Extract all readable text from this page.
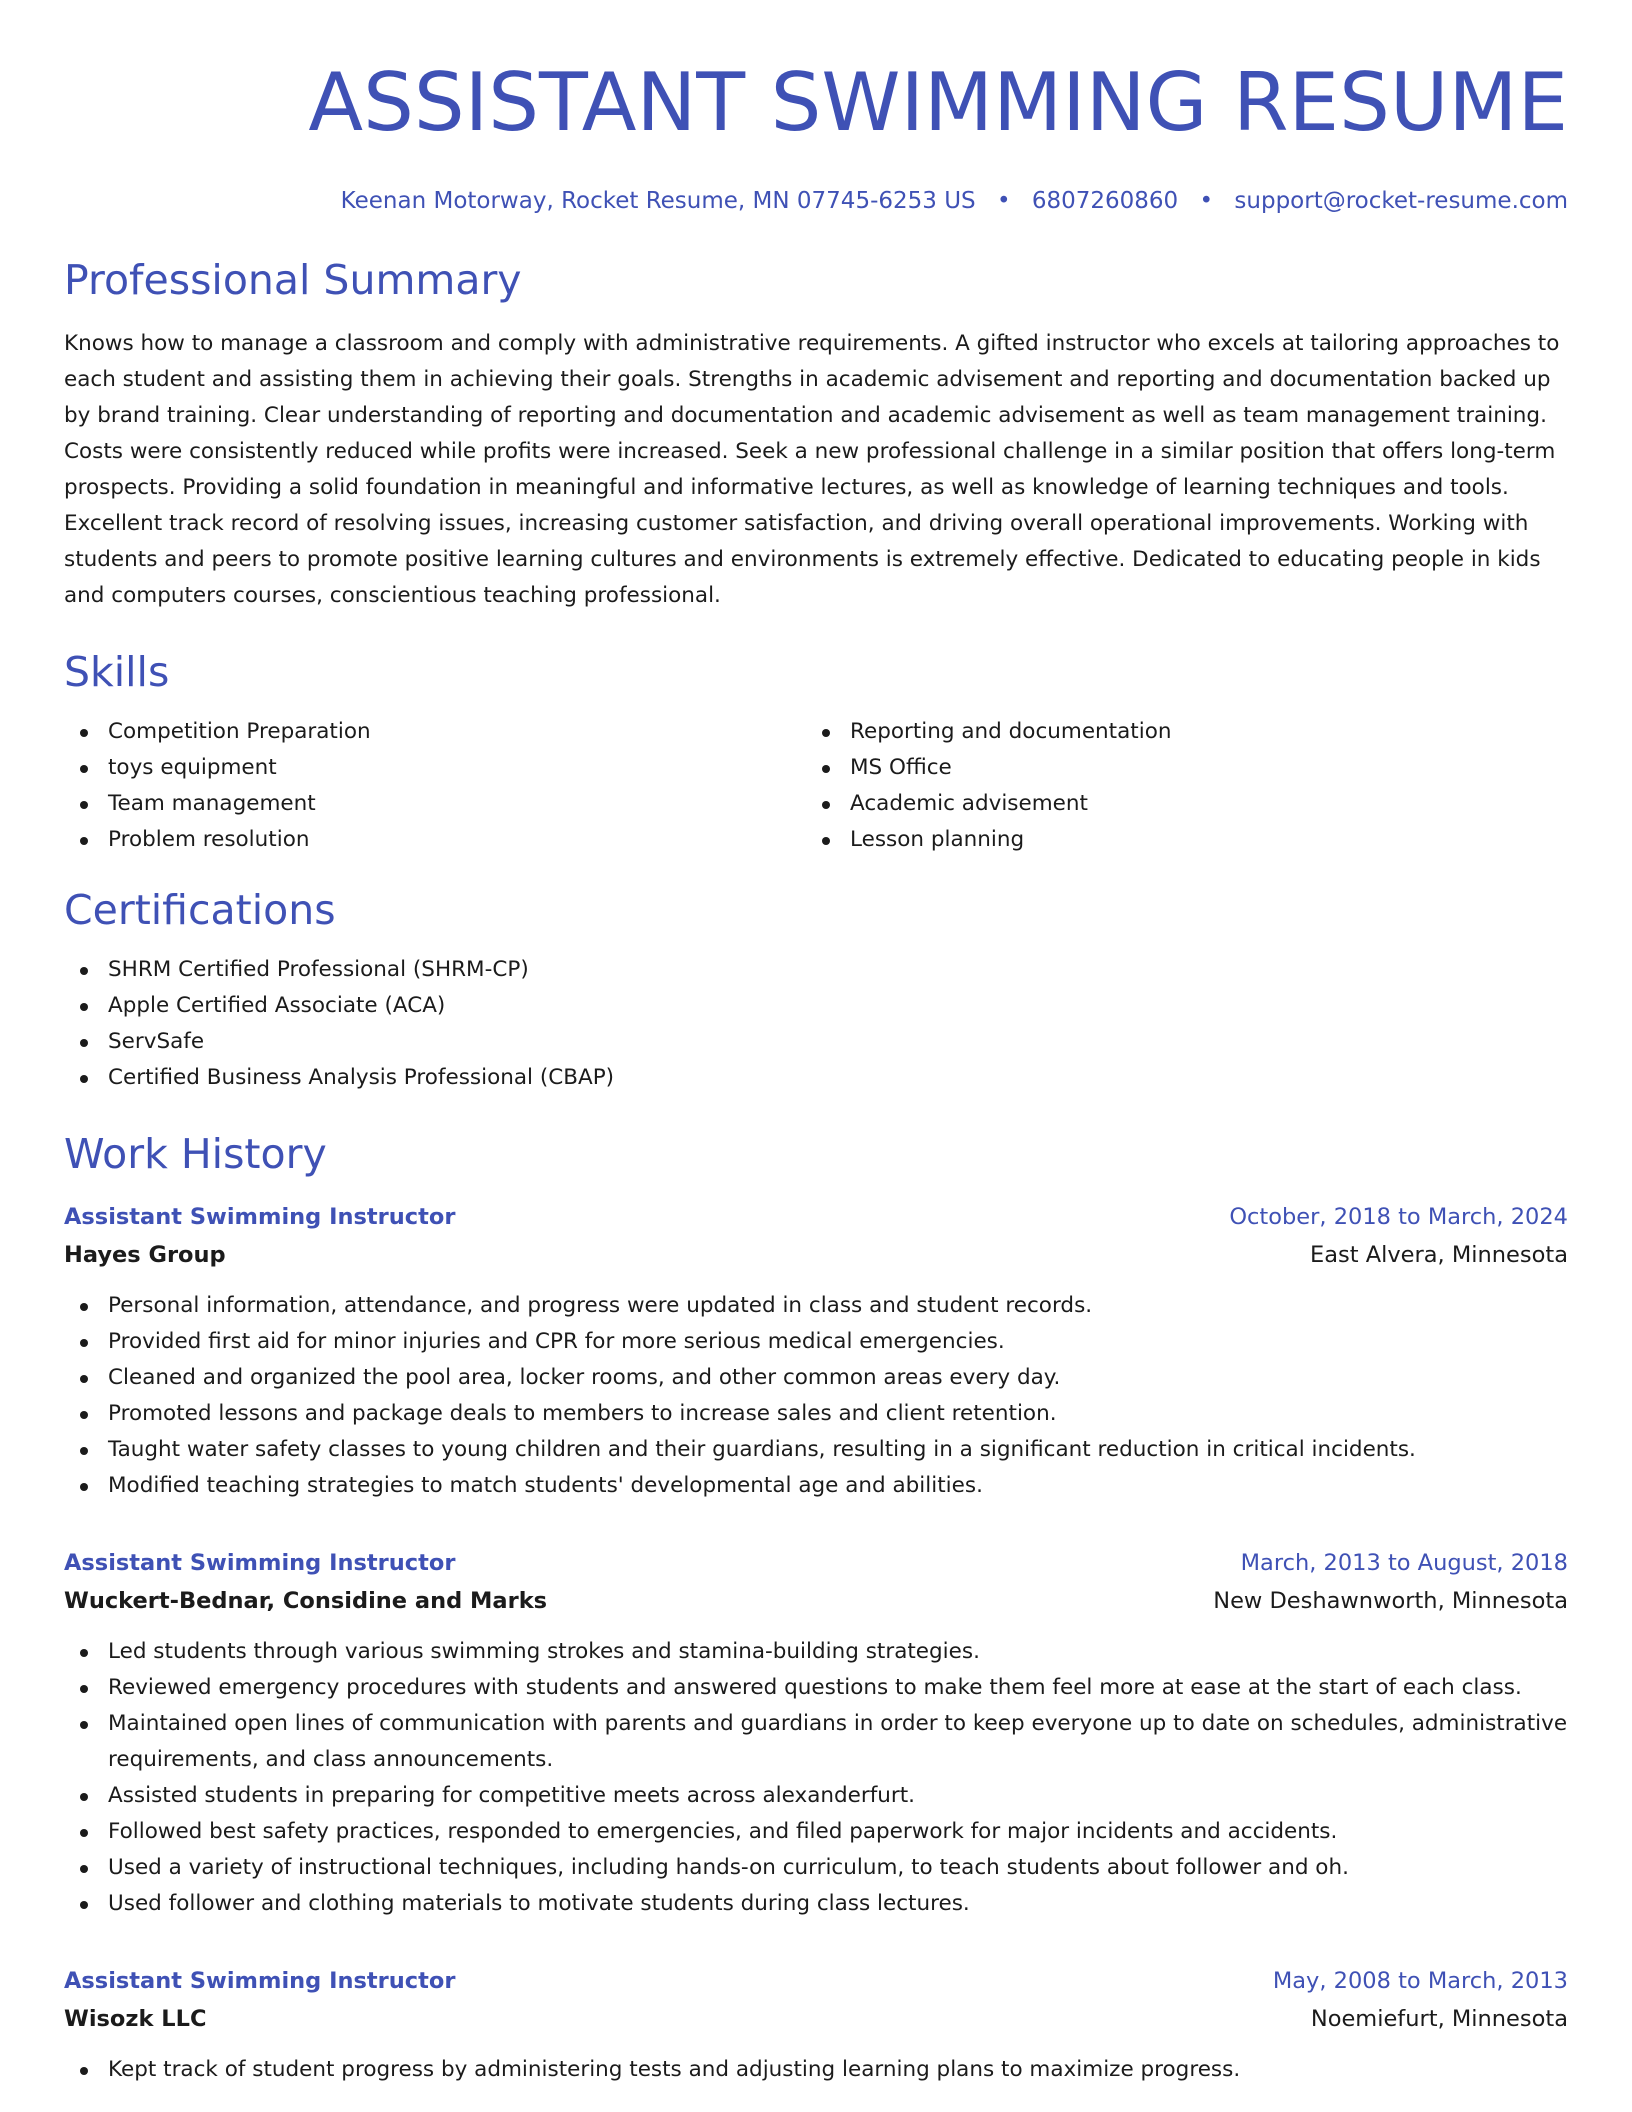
ASSISTANT SWIMMING RESUME
Keenan Motorway, Rocket Resume, MN 07745-6253 US • 6807260860 • support@rocket-resume.com
Professional Summary

Knows how to manage a classroom and comply with administrative requirements. A gifted instructor who excels at tailoring approaches to each student and assisting them in achieving their goals. Strengths in academic advisement and reporting and documentation backed up by brand training. Clear understanding of reporting and documentation and academic advisement as well as team management training. Costs were consistently reduced while profits were increased. Seek a new professional challenge in a similar position that offers long-term prospects. Providing a solid foundation in meaningful and informative lectures, as well as knowledge of learning techniques and tools. Excellent track record of resolving issues, increasing customer satisfaction, and driving overall operational improvements. Working with students and peers to promote positive learning cultures and environments is extremely effective. Dedicated to educating people in kids and computers courses, conscientious teaching professional.

Skills
Competition Preparation
toys equipment
Team management
Problem resolution
Reporting and documentation
MS Office
Academic advisement
Lesson planning
Certifications
SHRM Certified Professional (SHRM-CP)
Apple Certified Associate (ACA)
ServSafe
Certified Business Analysis Professional (CBAP)
Work History
Assistant Swimming Instructor	October, 2018 to March, 2024
Hayes Group	East Alvera, Minnesota
Personal information, attendance, and progress were updated in class and student records.
Provided first aid for minor injuries and CPR for more serious medical emergencies.
Cleaned and organized the pool area, locker rooms, and other common areas every day.
Promoted lessons and package deals to members to increase sales and client retention.
Taught water safety classes to young children and their guardians, resulting in a significant reduction in critical incidents.
Modified teaching strategies to match students' developmental age and abilities.
Assistant Swimming Instructor	March, 2013 to August, 2018
Wuckert-Bednar, Considine and Marks	New Deshawnworth, Minnesota
Led students through various swimming strokes and stamina-building strategies.
Reviewed emergency procedures with students and answered questions to make them feel more at ease at the start of each class.
Maintained open lines of communication with parents and guardians in order to keep everyone up to date on schedules, administrative requirements, and class announcements.
Assisted students in preparing for competitive meets across alexanderfurt.
Followed best safety practices, responded to emergencies, and filed paperwork for major incidents and accidents.
Used a variety of instructional techniques, including hands-on curriculum, to teach students about follower and oh.
Used follower and clothing materials to motivate students during class lectures.
Assistant Swimming Instructor	May, 2008 to March, 2013
Wisozk LLC	Noemiefurt, Minnesota
Kept track of student progress by administering tests and adjusting learning plans to maximize progress.
